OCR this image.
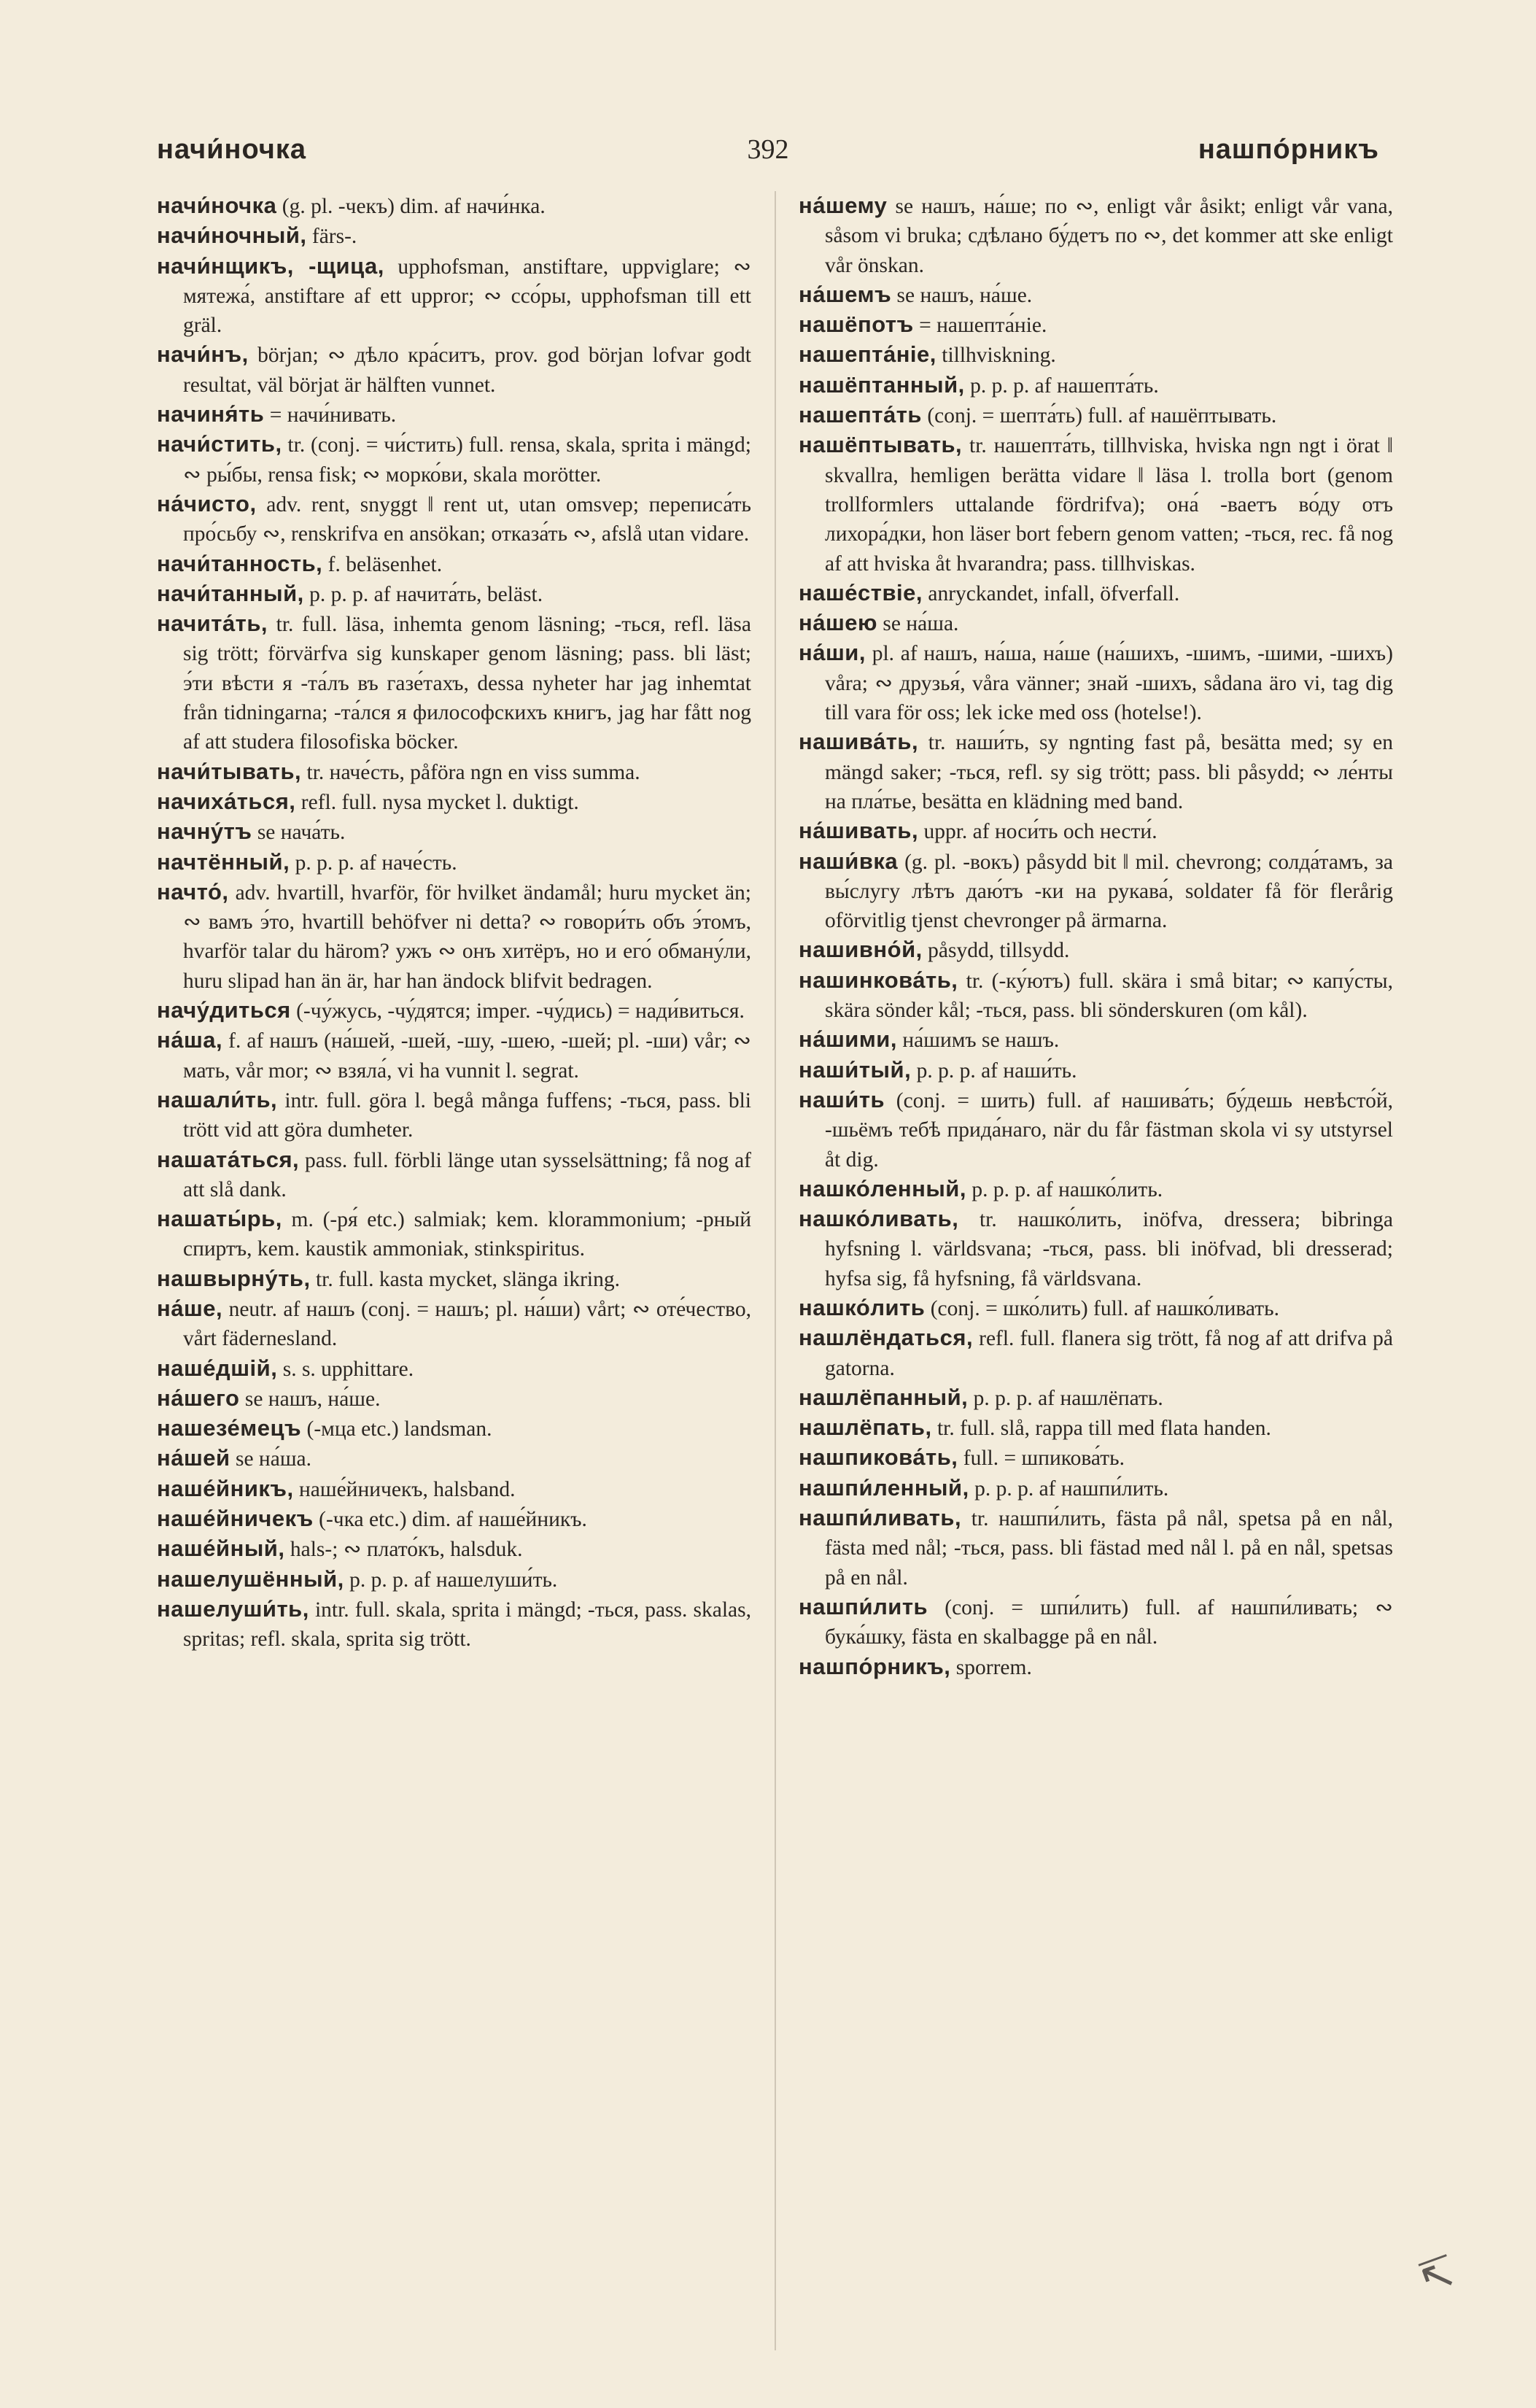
начи́ночка	392	нашпо́рникъ

начи́ночка (g. pl. -чекъ) dim. af начи́нка.

начи́ночный, färs-.

начи́нщикъ, -щица, upphofsman, anstiftare, uppviglare; ∾ мятежа́, anstiftare af ett uppror; ∾ ссо́ры, upphofsman till ett gräl.

начи́нъ, början; ∾ дѣло кра́ситъ, prov. god början lofvar godt resultat, väl börjat är hälften vunnet.

начиня́ть = начи́нивать.

начи́стить, tr. (conj. = чи́стить) full. rensa, skala, sprita i mängd; ∾ ры́бы, rensa fisk; ∾ морко́ви, skala morötter.

на́чисто, adv. rent, snyggt ‖ rent ut, utan omsvep; переписа́ть про́сьбу ∾, renskrifva en ansökan; отказа́ть ∾, afslå utan vidare.

начи́танность, f. beläsenhet.

начи́танный, p. p. p. af начита́ть, beläst.

начита́ть, tr. full. läsa, inhemta genom läsning; -ться, refl. läsa sig trött; förvärfva sig kunskaper genom läsning; pass. bli läst; э́ти вѣсти я -та́лъ въ газе́тахъ, dessa nyheter har jag inhemtat från tidningarna; -та́лся я философскихъ книгъ, jag har fått nog af att studera filosofiska böcker.

начи́тывать, tr. наче́сть, påföra ngn en viss summa.

начиха́ться, refl. full. nysa mycket l. duktigt.

начну́тъ se нача́ть.

начтённый, p. p. p. af наче́сть.

начто́, adv. hvartill, hvarför, för hvilket ändamål; huru mycket än; ∾ вамъ э́то, hvartill behöfver ni detta? ∾ говори́ть объ э́томъ, hvarför talar du härom? ужъ ∾ онъ хитёръ, но и его́ обману́ли, huru slipad han än är, har han ändock blifvit bedragen.

начу́диться (-чу́жусь, -чу́дятся; imper. -чу́дись) = нади́виться.

на́ша, f. af нашъ (на́шей, -шей, -шу, -шею, -шей; pl. -ши) vår; ∾ мать, vår mor; ∾ взяла́, vi ha vunnit l. segrat.

нашали́ть, intr. full. göra l. begå många fuffens; -ться, pass. bli trött vid att göra dumheter.

нашата́ться, pass. full. förbli länge utan sysselsättning; få nog af att slå dank.

нашаты́рь, m. (-ря́ etc.) salmiak; kem. klorammonium; -рный спиртъ, kem. kaustik ammoniak, stinkspiritus.

нашвырну́ть, tr. full. kasta mycket, slänga ikring.

на́ше, neutr. af нашъ (conj. = нашъ; pl. на́ши) vårt; ∾ оте́чество, vårt fädernesland.

наше́дшій, s. s. upphittare.

на́шего se нашъ, на́ше.

нашезе́мецъ (-мца etc.) landsman.

на́шей se на́ша.

наше́йникъ, наше́йничекъ, halsband.

наше́йничекъ (-чка etc.) dim. af наше́йникъ.

наше́йный, hals-; ∾ плато́къ, halsduk.

нашелушённый, p. p. p. af нашелуши́ть.

нашелуши́ть, intr. full. skala, sprita i mängd; -ться, pass. skalas, spritas; refl. skala, sprita sig trött.

на́шему se нашъ, на́ше; по ∾, enligt vår åsikt; enligt vår vana, såsom vi bruka; сдѣлано бу́детъ по ∾, det kommer att ske enligt vår önskan.

на́шемъ se нашъ, на́ше.

нашёпотъ = нашепта́ніе.

нашепта́ніе, tillhviskning.

нашёптанный, p. p. p. af нашепта́ть.

нашепта́ть (conj. = шепта́ть) full. af нашёптывать.

нашёптывать, tr. нашепта́ть, tillhviska, hviska ngn ngt i örat ‖ skvallra, hemligen berätta vidare ‖ läsa l. trolla bort (genom trollformlers uttalande fördrifva); она́ -ваетъ во́ду отъ лихора́дки, hon läser bort febern genom vatten; -ться, rec. få nog af att hviska åt hvarandra; pass. tillhviskas.

наше́ствіе, anryckandet, infall, öfverfall.

на́шею se на́ша.

на́ши, pl. af нашъ, на́ша, на́ше (на́шихъ, -шимъ, -шими, -шихъ) våra; ∾ друзья́, våra vänner; знай -шихъ, sådana äro vi, tag dig till vara för oss; lek icke med oss (hotelse!).

нашива́ть, tr. наши́ть, sy ngnting fast på, besätta med; sy en mängd saker; -ться, refl. sy sig trött; pass. bli påsydd; ∾ ле́нты на пла́тье, besätta en klädning med band.

на́шивать, uppr. af носи́ть och нести́.

наши́вка (g. pl. -вокъ) påsydd bit ‖ mil. chevrong; солда́тамъ, за вы́слугу лѣтъ даю́тъ -ки на рукава́, soldater få för flerårig oförvitlig tjenst chevronger på ärmarna.

нашивно́й, påsydd, tillsydd.

нашинкова́ть, tr. (-ку́ютъ) full. skära i små bitar; ∾ капу́сты, skära sönder kål; -ться, pass. bli sönderskuren (om kål).

на́шими, на́шимъ se нашъ.

наши́тый, p. p. p. af наши́ть.

наши́ть (conj. = шить) full. af нашива́ть; бу́дешь невѣсто́й, -шьёмъ тебѣ прида́наго, när du får fästman skola vi sy utstyrsel åt dig.

нашко́ленный, p. p. p. af нашко́лить.

нашко́ливать, tr. нашко́лить, inöfva, dressera; bibringa hyfsning l. världsvana; -ться, pass. bli inöfvad, bli dresserad; hyfsa sig, få hyfsning, få världsvana.

нашко́лить (conj. = шко́лить) full. af нашко́ливать.

нашлёндаться, refl. full. flanera sig trött, få nog af att drifva på gatorna.

нашлёпанный, p. p. p. af нашлёпать.

нашлёпать, tr. full. slå, rappa till med flata handen.

нашпикова́ть, full. = шпикова́ть.

нашпи́ленный, p. p. p. af нашпи́лить.

нашпи́ливать, tr. нашпи́лить, fästa på nål, spetsa på en nål, fästa med nål; -ться, pass. bli fästad med nål l. på en nål, spetsas på en nål.

нашпи́лить (conj. = шпи́лить) full. af нашпи́ливать; ∾ бука́шку, fästa en skalbagge på en nål.

нашпо́рникъ, sporrem.

↸
